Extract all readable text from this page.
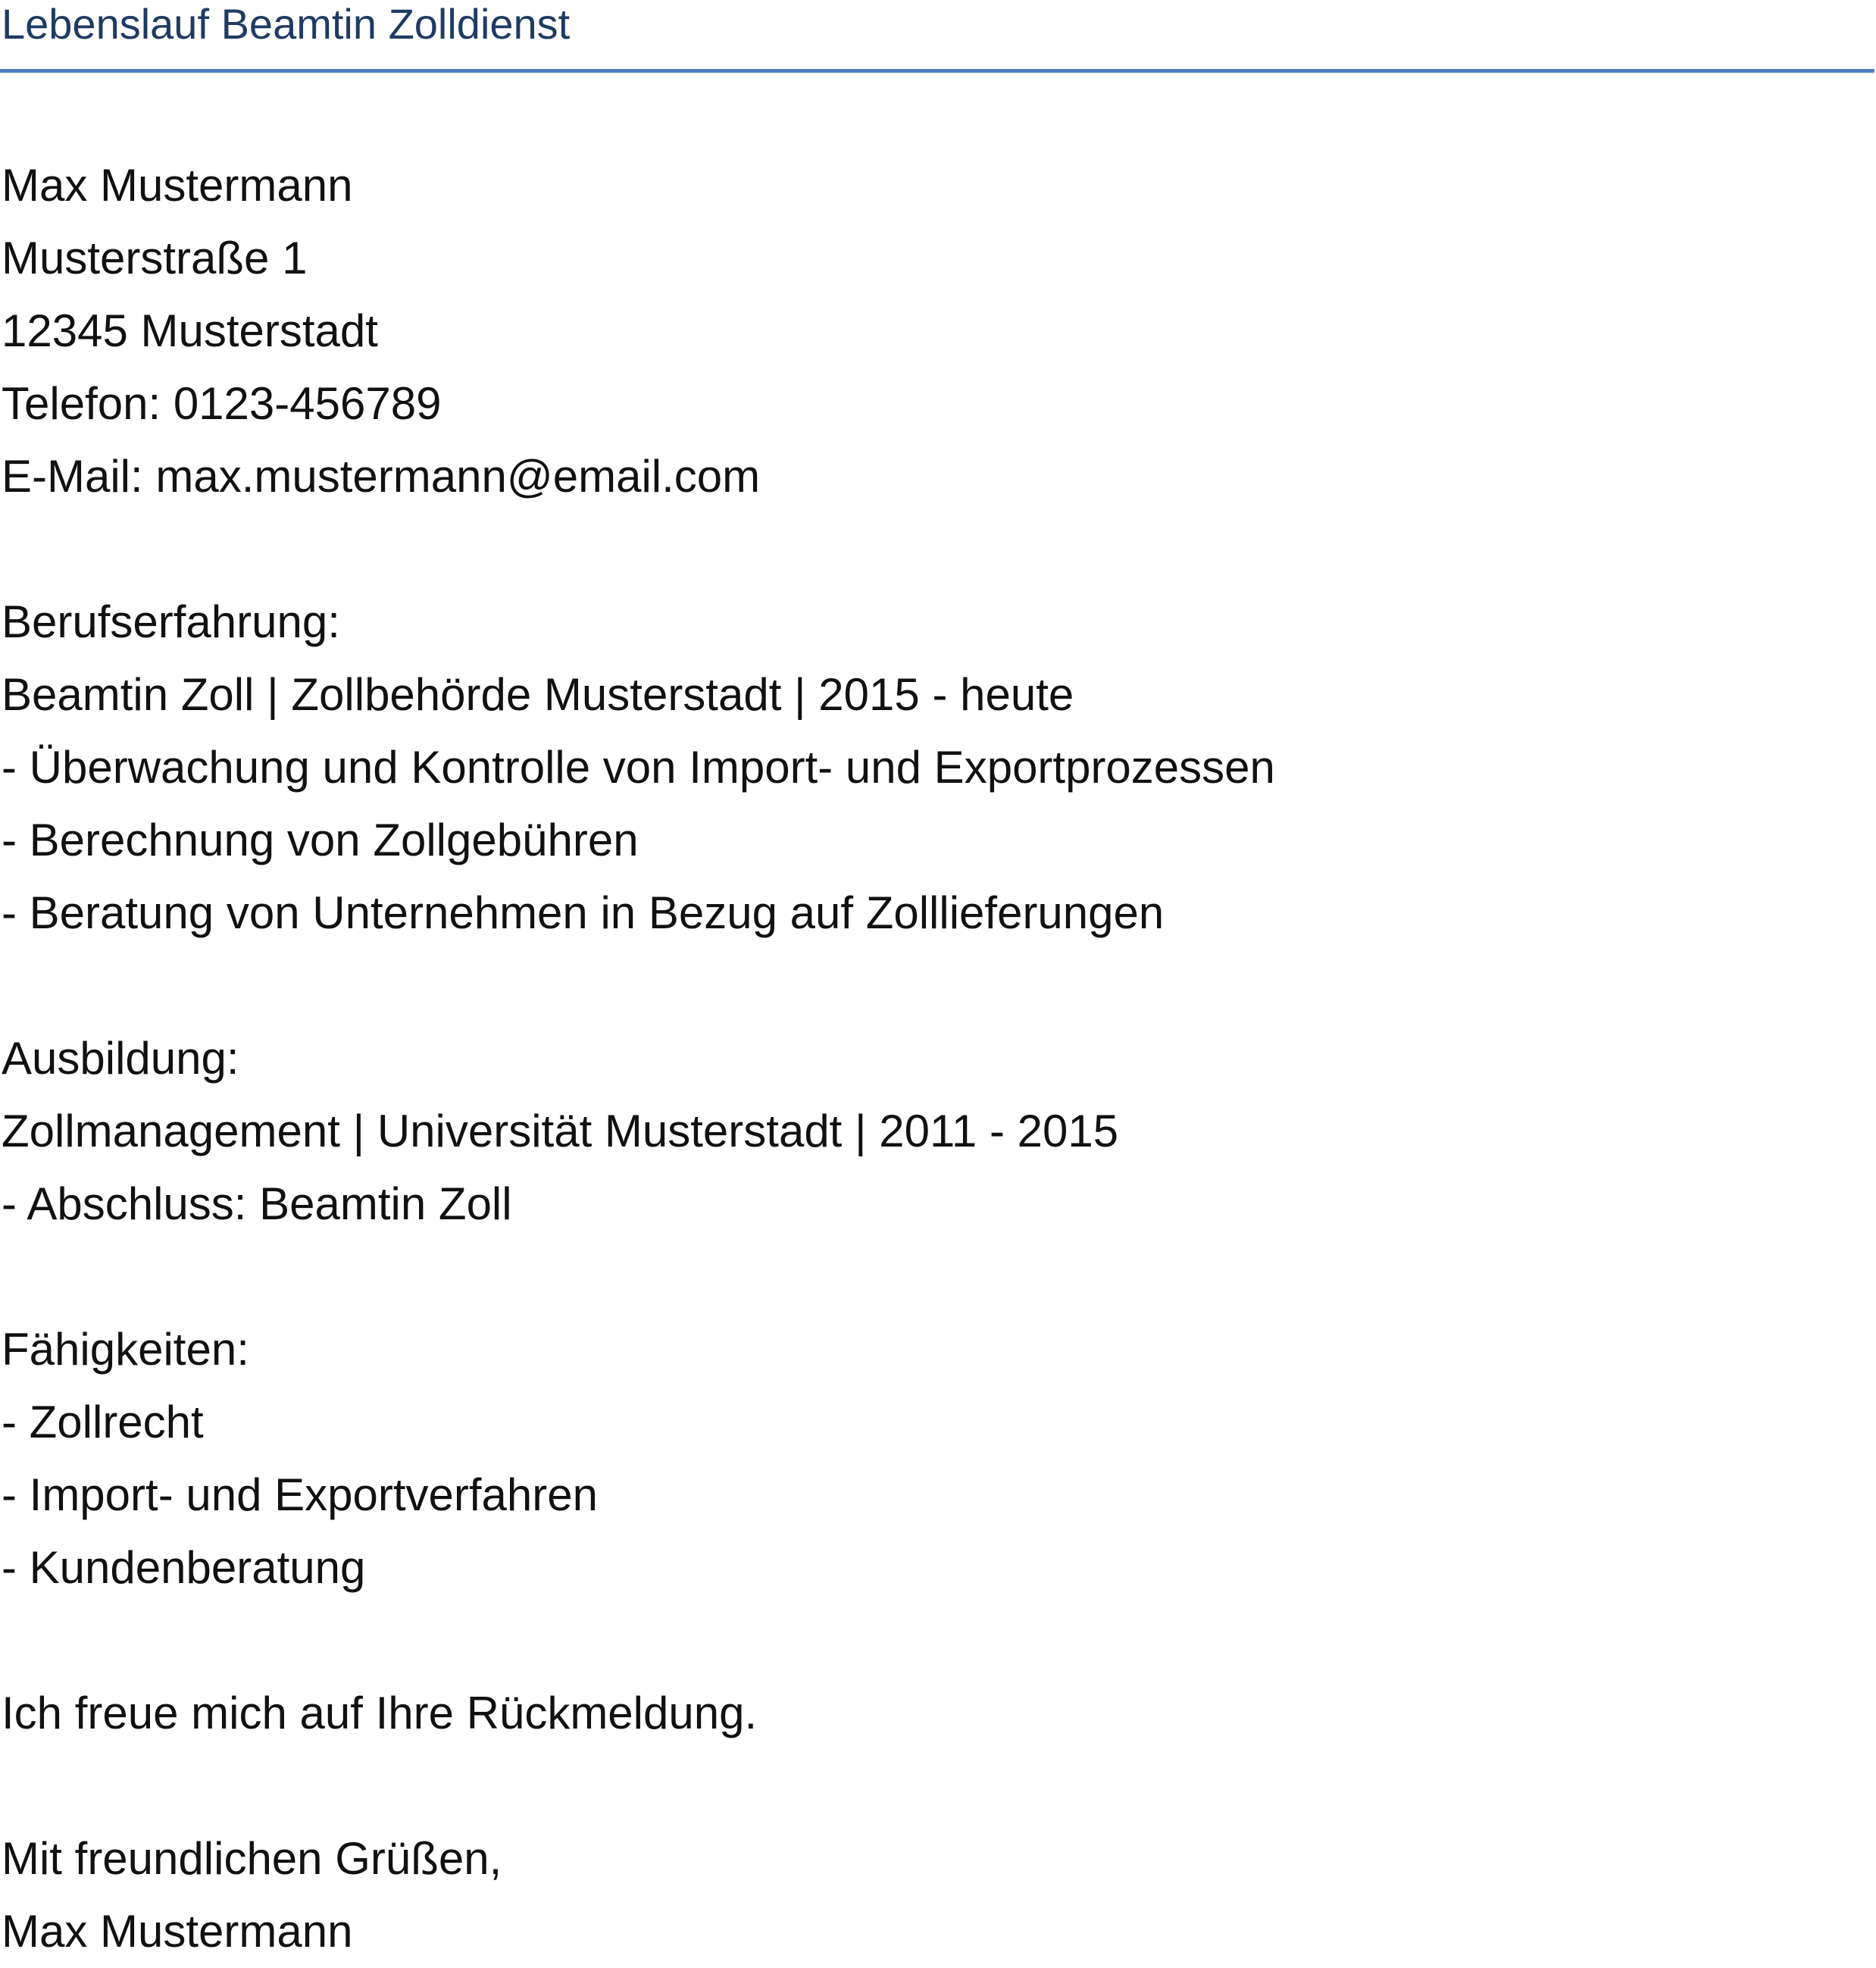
Lebenslauf Beamtin Zolldienst
Max Mustermann
Musterstraße 1
12345 Musterstadt
Telefon: 0123-456789
E-Mail: max.mustermann@email.com
Berufserfahrung:
Beamtin Zoll | Zollbehörde Musterstadt | 2015 - heute
- Überwachung und Kontrolle von Import- und Exportprozessen
- Berechnung von Zollgebühren
- Beratung von Unternehmen in Bezug auf Zolllieferungen
Ausbildung:
Zollmanagement | Universität Musterstadt | 2011 - 2015
- Abschluss: Beamtin Zoll
Fähigkeiten:
- Zollrecht
- Import- und Exportverfahren
- Kundenberatung
Ich freue mich auf Ihre Rückmeldung.
Mit freundlichen Grüßen,
Max Mustermann
